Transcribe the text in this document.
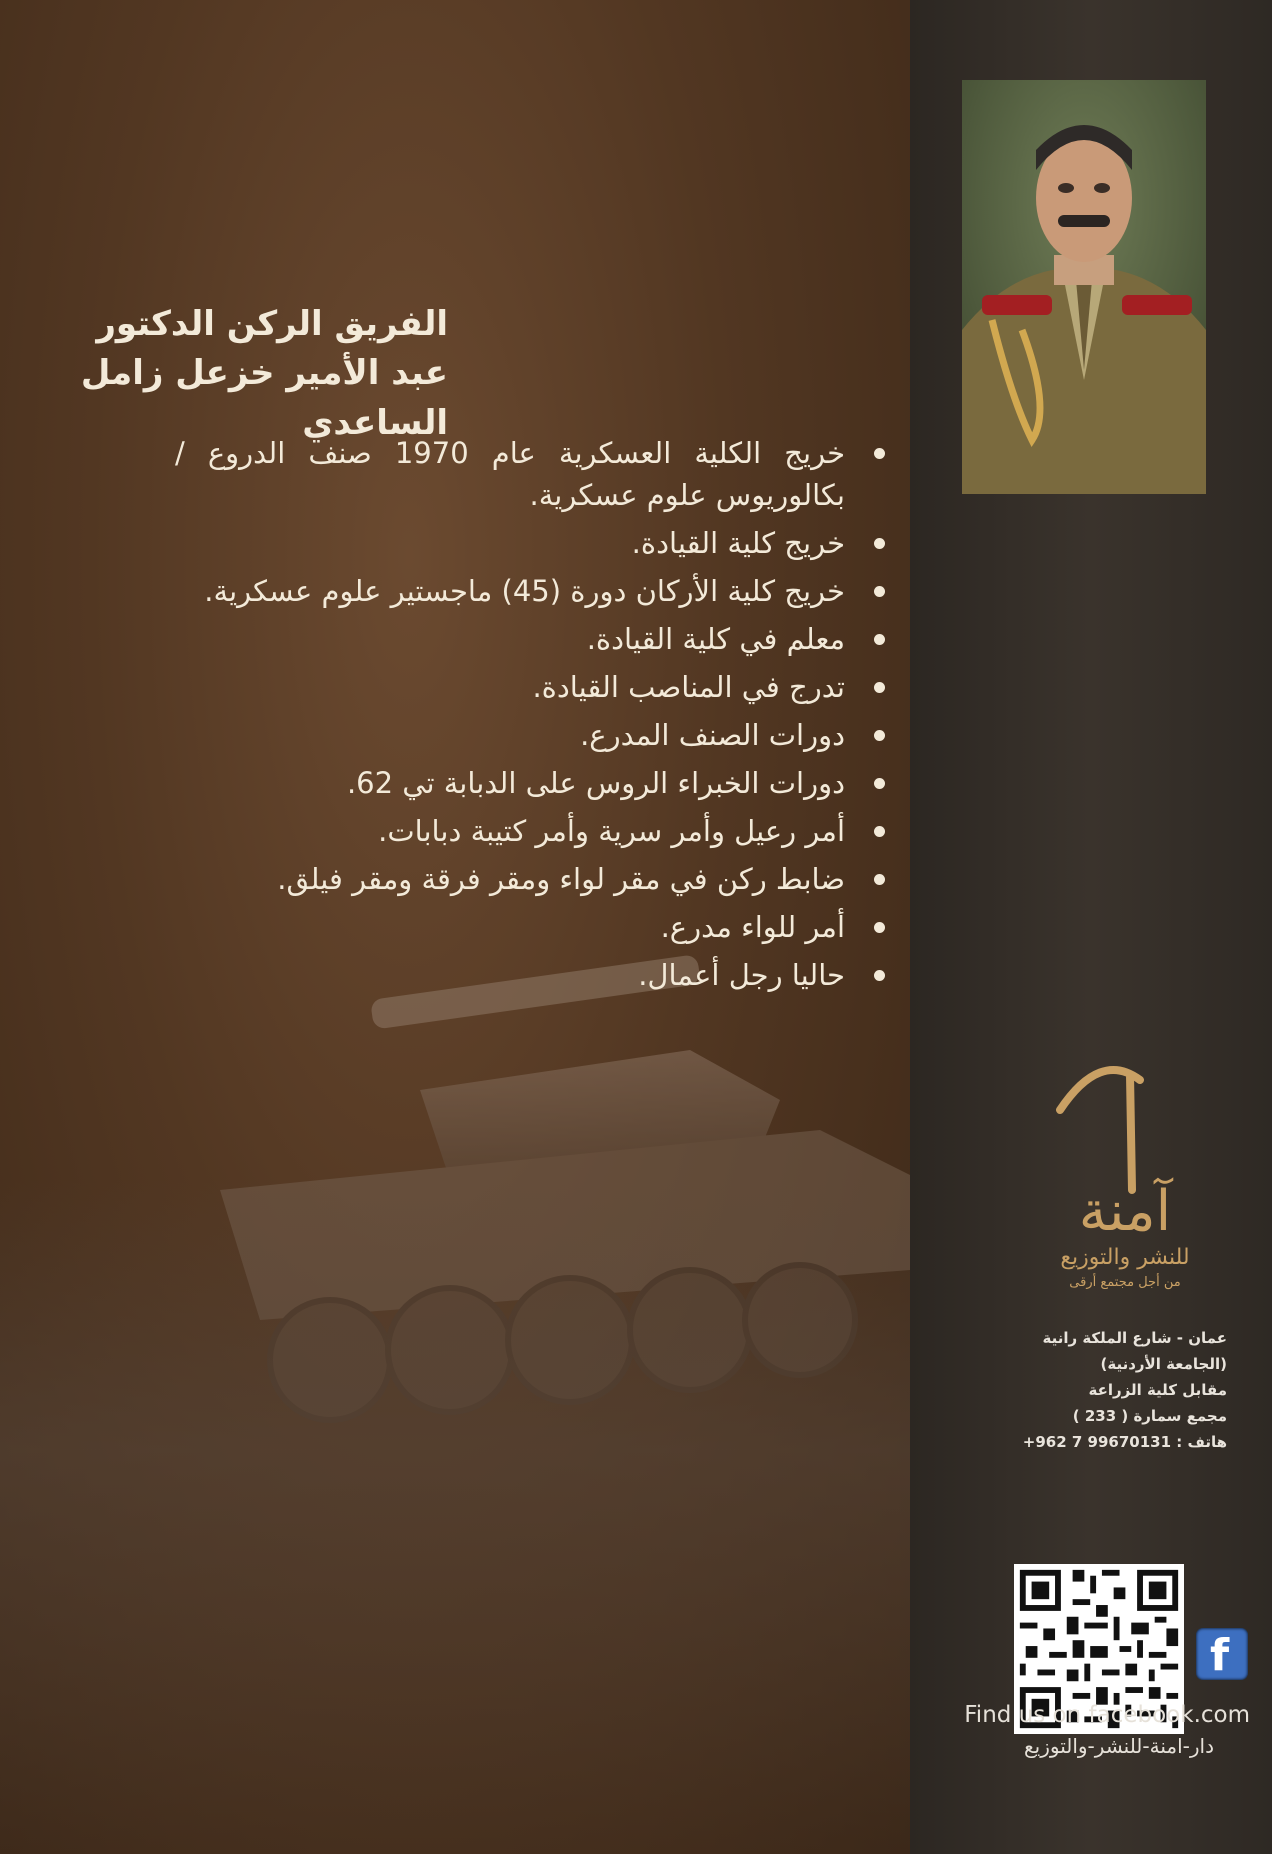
الفريق الركن الدكتور
عبد الأمير خزعل زامل الساعدي
خريج الكلية العسكرية عام 1970 صنف الدروع / بكالوريوس علوم عسكرية.
خريج كلية القيادة.
خريج كلية الأركان دورة (45) ماجستير علوم عسكرية.
معلم في كلية القيادة.
تدرج في المناصب القيادة.
دورات الصنف المدرع.
دورات الخبراء الروس على الدبابة تي 62.
أمر رعيل وأمر سرية وأمر كتيبة دبابات.
ضابط ركن في مقر لواء ومقر فرقة ومقر فيلق.
أمر للواء مدرع.
حاليا رجل أعمال.
آمنة
للنشر والتوزيع
من أجل مجتمع أرقى
عمان - شارع الملكة رانية
(الجامعة الأردنية)
مقابل كلية الزراعة
مجمع سمارة ( 233 )
هاتف : +962 7 99670131
f
Find us on facebook.com
دار-امنة-للنشر-والتوزيع
